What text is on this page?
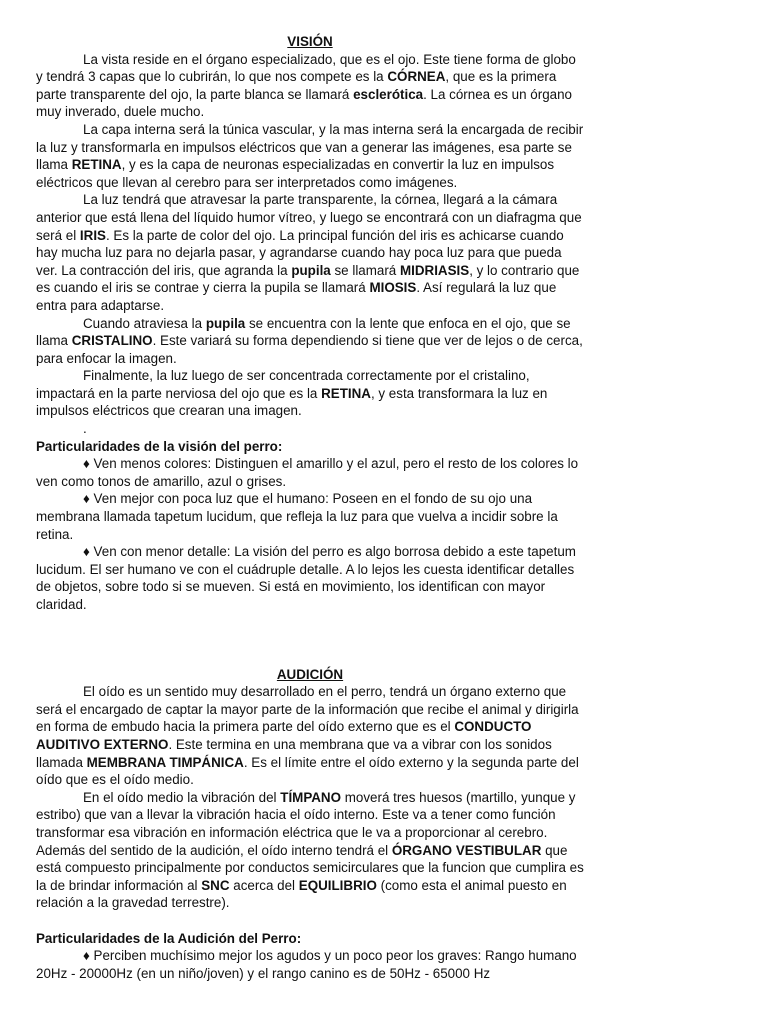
VISIÓN

La vista reside en el órgano especializado, que es el ojo. Este tiene forma de globo y tendrá 3 capas que lo cubrirán, lo que nos compete es la CÓRNEA, que es la primera parte transparente del ojo, la parte blanca se llamará esclerótica. La córnea es un órgano muy inverado, duele mucho.

La capa interna será la túnica vascular, y la mas interna será la encargada de recibir la luz y transformarla en impulsos eléctricos que van a generar las imágenes, esa parte se llama RETINA, y es la capa de neuronas especializadas en convertir la luz en impulsos eléctricos que llevan al cerebro para ser interpretados como imágenes.

La luz tendrá que atravesar la parte transparente, la córnea, llegará a la cámara anterior que está llena del líquido humor vítreo, y luego se encontrará con un diafragma que será el IRIS. Es la parte de color del ojo. La principal función del iris es achicarse cuando hay mucha luz para no dejarla pasar, y agrandarse cuando hay poca luz para que pueda ver. La contracción del iris, que agranda la pupila se llamará MIDRIASIS, y lo contrario que es cuando el iris se contrae y cierra la pupila se llamará MIOSIS. Así regulará la luz que entra para adaptarse.

Cuando atraviesa la pupila se encuentra con la lente que enfoca en el ojo, que se llama CRISTALINO. Este variará su forma dependiendo si tiene que ver de lejos o de cerca, para enfocar la imagen.

Finalmente, la luz luego de ser concentrada correctamente por el cristalino, impactará en la parte nerviosa del ojo que es la RETINA, y esta transformara la luz en impulsos eléctricos que crearan una imagen.

.

Particularidades de la visión del perro:

♦ Ven menos colores: Distinguen el amarillo y el azul, pero el resto de los colores lo ven como tonos de amarillo, azul o grises.

♦ Ven mejor con poca luz que el humano: Poseen en el fondo de su ojo una membrana llamada tapetum lucidum, que refleja la luz para que vuelva a incidir sobre la retina.

♦ Ven con menor detalle: La visión del perro es algo borrosa debido a este tapetum lucidum. El ser humano ve con el cuádruple detalle. A lo lejos les cuesta identificar detalles de objetos, sobre todo si se mueven. Si está en movimiento, los identifican con mayor claridad.

AUDICIÓN

El oído es un sentido muy desarrollado en el perro, tendrá un órgano externo que será el encargado de captar la mayor parte de la información que recibe el animal y dirigirla en forma de embudo hacia la primera parte del oído externo que es el CONDUCTO AUDITIVO EXTERNO. Este termina en una membrana que va a vibrar con los sonidos llamada MEMBRANA TIMPÁNICA. Es el límite entre el oído externo y la segunda parte del oído que es el oído medio.

En el oído medio la vibración del TÍMPANO moverá tres huesos (martillo, yunque y estribo) que van a llevar la vibración hacia el oído interno. Este va a tener como función transformar esa vibración en información eléctrica que le va a proporcionar al cerebro. Además del sentido de la audición, el oído interno tendrá el ÓRGANO VESTIBULAR que está compuesto principalmente por conductos semicirculares que la funcion que cumplira es la de brindar información al SNC acerca del EQUILIBRIO (como esta el animal puesto en relación a la gravedad terrestre).

Particularidades de la Audición del Perro:

♦ Perciben muchísimo mejor los agudos y un poco peor los graves: Rango humano 20Hz - 20000Hz (en un niño/joven) y el rango canino es de 50Hz - 65000 Hz
